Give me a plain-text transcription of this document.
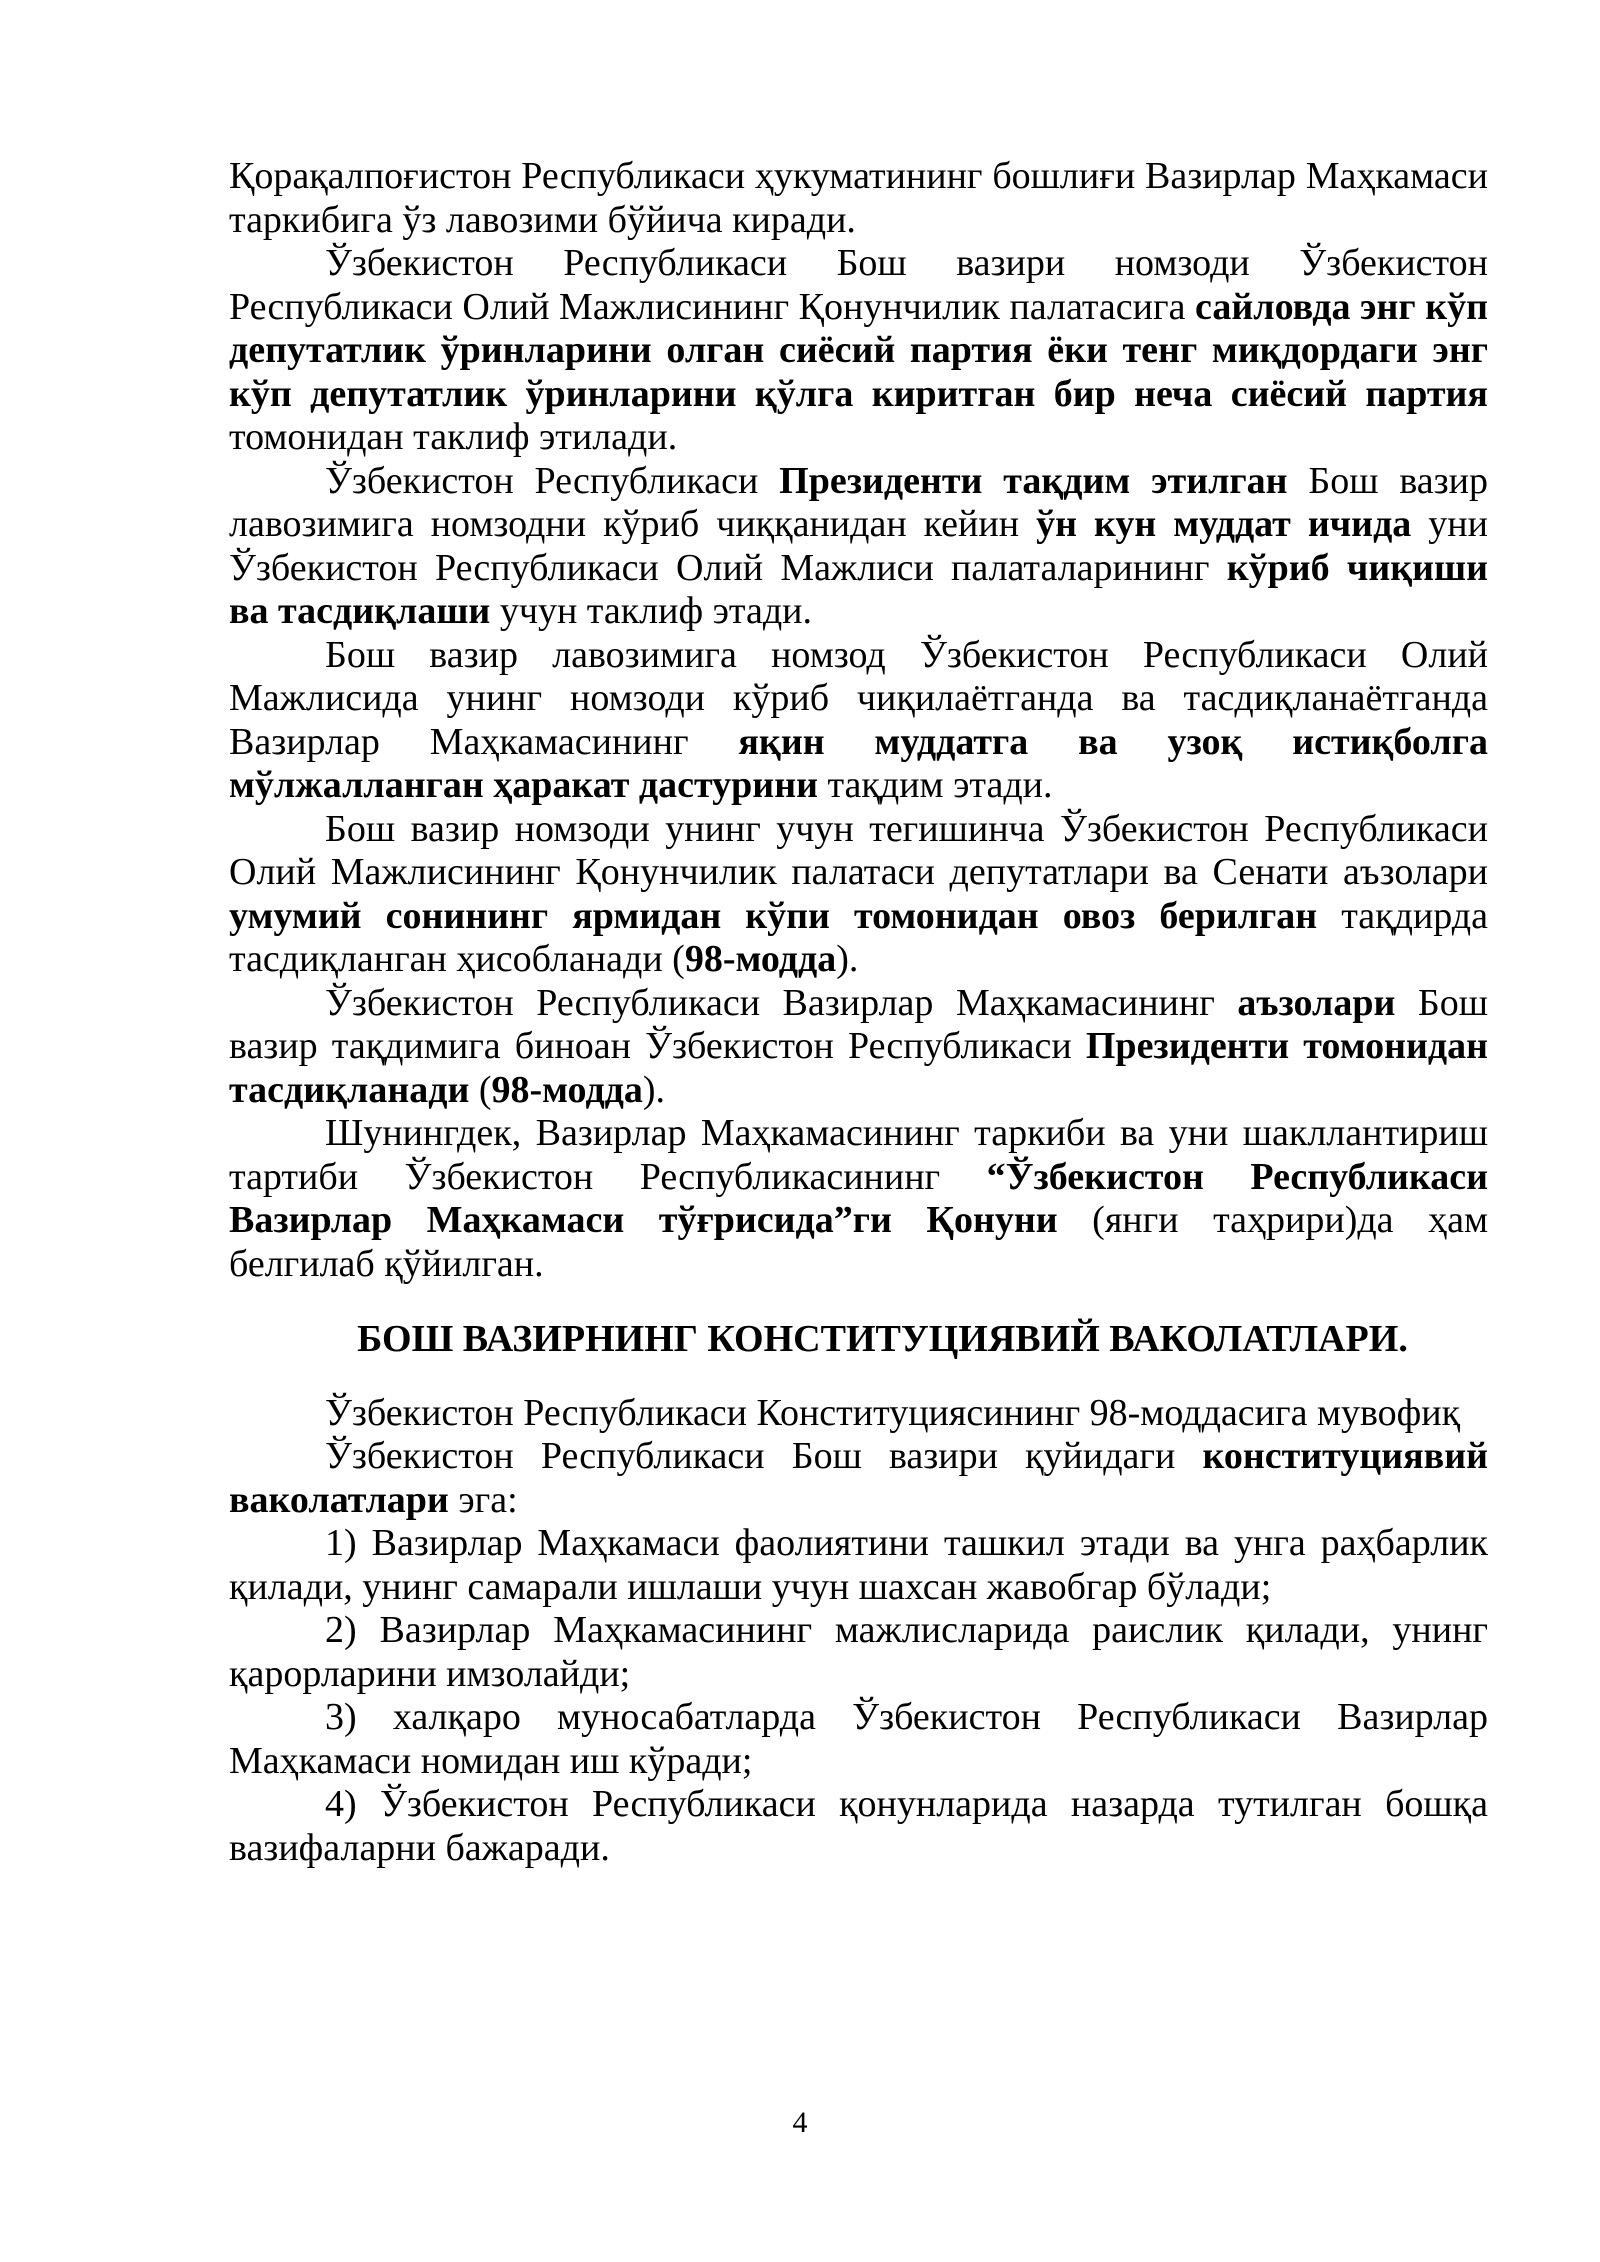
Қорақалпоғистон Республикаси ҳукуматининг бошлиғи Вазирлар Маҳкамаси таркибига ўз лавозими бўйича киради.

Ўзбекистон Республикаси Бош вазири номзоди Ўзбекистон Республикаси Олий Мажлисининг Қонунчилик палатасига сайловда энг кўп депутатлик ўринларини олган сиёсий партия ёки тенг миқдордаги энг кўп депутатлик ўринларини қўлга киритган бир неча сиёсий партия томонидан таклиф этилади.

Ўзбекистон Республикаси Президенти тақдим этилган Бош вазир лавозимига номзодни кўриб чиққанидан кейин ўн кун муддат ичида уни Ўзбекистон Республикаси Олий Мажлиси палаталарининг кўриб чиқиши ва тасдиқлаши учун таклиф этади.

Бош вазир лавозимига номзод Ўзбекистон Республикаси Олий Мажлисида унинг номзоди кўриб чиқилаётганда ва тасдиқланаётганда Вазирлар Маҳкамасининг яқин муддатга ва узоқ истиқболга мўлжалланган ҳаракат дастурини тақдим этади.

Бош вазир номзоди унинг учун тегишинча Ўзбекистон Республикаси Олий Мажлисининг Қонунчилик палатаси депутатлари ва Сенати аъзолари умумий сонининг ярмидан кўпи томонидан овоз берилган тақдирда тасдиқланган ҳисобланади (98-модда).

Ўзбекистон Республикаси Вазирлар Маҳкамасининг аъзолари Бош вазир тақдимига биноан Ўзбекистон Республикаси Президенти томонидан тасдиқланади (98-модда).

Шунингдек, Вазирлар Маҳкамасининг таркиби ва уни шакллантириш тартиби Ўзбекистон Республикасининг “Ўзбекистон Республикаси Вазирлар Маҳкамаси тўғрисида”ги Қонуни (янги таҳрири)да ҳам белгилаб қўйилган.

БОШ ВАЗИРНИНГ КОНСТИТУЦИЯВИЙ ВАКОЛАТЛАРИ.

Ўзбекистон Республикаси Конституциясининг 98-моддасига мувофиқ

Ўзбекистон Республикаси Бош вазири қуйидаги конституциявий ваколатлари эга:

1) Вазирлар Маҳкамаси фаолиятини ташкил этади ва унга раҳбарлик қилади, унинг самарали ишлаши учун шахсан жавобгар бўлади;

2) Вазирлар Маҳкамасининг мажлисларида раислик қилади, унинг қарорларини имзолайди;

3) халқаро муносабатларда Ўзбекистон Республикаси Вазирлар Маҳкамаси номидан иш кўради;

4) Ўзбекистон Республикаси қонунларида назарда тутилган бошқа вазифаларни бажаради.

4
